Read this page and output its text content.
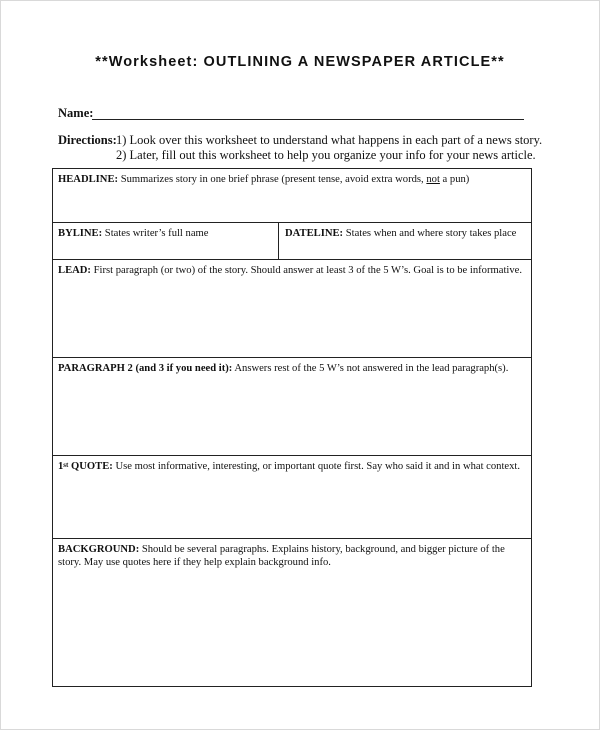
**Worksheet: OUTLINING A NEWSPAPER ARTICLE**
Name:
Directions: 1) Look over this worksheet to understand what happens in each part of a news story.
2) Later, fill out this worksheet to help you organize your info for your news article.
HEADLINE: Summarizes story in one brief phrase (present tense, avoid extra words, not a pun)
BYLINE: States writer’s full name	DATELINE: States when and where story takes place
LEAD: First paragraph (or two) of the story. Should answer at least 3 of the 5 W’s. Goal is to be informative.
PARAGRAPH 2 (and 3 if you need it): Answers rest of the 5 W’s not answered in the lead paragraph(s).
1st QUOTE: Use most informative, interesting, or important quote first. Say who said it and in what context.
BACKGROUND: Should be several paragraphs. Explains history, background, and bigger picture of the story. May use quotes here if they help explain background info.
